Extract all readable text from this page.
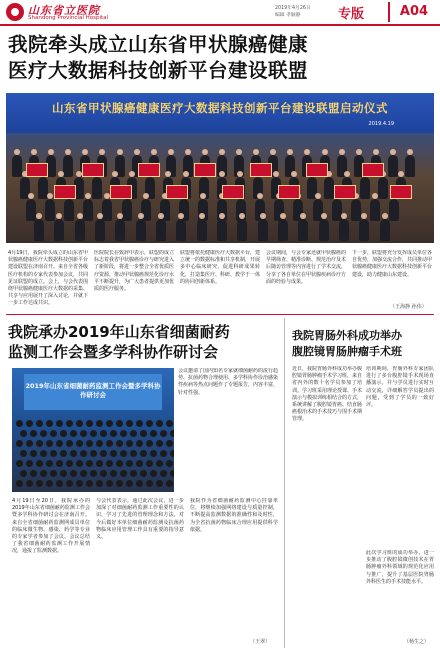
山东省立医院
Shandong Provincial Hospital
2019年4月26日
编辑 孝颖静	专版	A04
我院牵头成立山东省甲状腺癌健康
医疗大数据科技创新平台建设联盟
山东省甲状腺癌健康医疗大数据科技创新平台建设联盟启动仪式
2019.4.19
4月19日，我院牵头成立的山东省甲状腺癌健康医疗大数据科技创新平台建设联盟在济南召开。来自全省各级医疗机构的专家代表参加会议，共同见证联盟的成立。会上，与会代表围绕甲状腺癌健康医疗大数据的采集、共享与应用展开了深入讨论，并就下一步工作达成共识。
医院院长在致辞中表示，联盟的成立标志着我省甲状腺癌诊疗与研究进入了新阶段，将进一步整合全省优质医疗资源，推动甲状腺癌规范化诊疗水平不断提升，为广大患者提供更加优质的医疗服务。
联盟将依托健康医疗大数据平台，建立统一的数据标准和共享机制，开展多中心临床研究，促进科研成果转化，打造集医疗、科研、教学于一体的协同创新体系。
会议期间，与会专家还就甲状腺癌的早期筛查、精准诊断、规范治疗及术后随访管理等内容进行了学术交流，分享了各自单位在甲状腺疾病诊疗方面的经验与成果。
下一步，联盟将充分发挥成员单位各自优势，加强交流合作，共同推动甲状腺癌健康医疗大数据科技创新平台建设，助力健康山东建设。
（王海静 孙伟）
我院承办2019年山东省细菌耐药
监测工作会暨多学科协作研讨会
2019年山东省细菌耐药监测工作会暨多学科协作研讨会
会议邀请了国内知名专家就细菌耐药的流行趋势、抗菌药物合理使用、多学科协作诊治感染性疾病等热点问题作了专题报告，内容丰富，针对性强。
4月19日至20日，我院承办的2019年山东省细菌耐药监测工作会暨多学科协作研讨会在济南召开。来自全省细菌耐药监测网成员单位的临床微生物、感染、药学等专业的专家学者参加了会议。会议总结了我省细菌耐药监测工作开展情况，通报了监测数据。
与会代表表示，通过此次会议，进一步加深了对细菌耐药监测工作重要性的认识，学习了先进的管理理念和方法，对今后做好本单位细菌耐药监测及抗菌药物临床应用管理工作具有重要的指导意义。
我院作为省细菌耐药监测中心挂靠单位，将继续加强网络建设与质量控制，不断提高监测数据的准确性和及时性，为全省抗菌药物临床合理应用提供科学依据。
（王翠）
我院胃肠外科成功举办
腹腔镜胃肠肿瘤手术班
近日，我院胃肠外科成功举办腹腔镜胃肠肿瘤手术学习班，来自省内外的数十名学员参加了培训。学习班采用理论授课、手术演示与模拟训练相结合的方式，系统讲解了腹腔镜胃癌、结直肠癌根治术的手术技巧与围手术期管理。
培训期间，胃肠外科专家团队进行了多台腹腔镜手术现场直播演示，并与学员进行实时互动交流，详细解答学员提出的问题，受到了学员的一致好评。
此次学习班的成功举办，进一步推动了腹腔镜微创技术在胃肠肿瘤外科领域的规范化应用与推广，提升了基层医院胃肠外科医生的手术技能水平。
（杨生之）
